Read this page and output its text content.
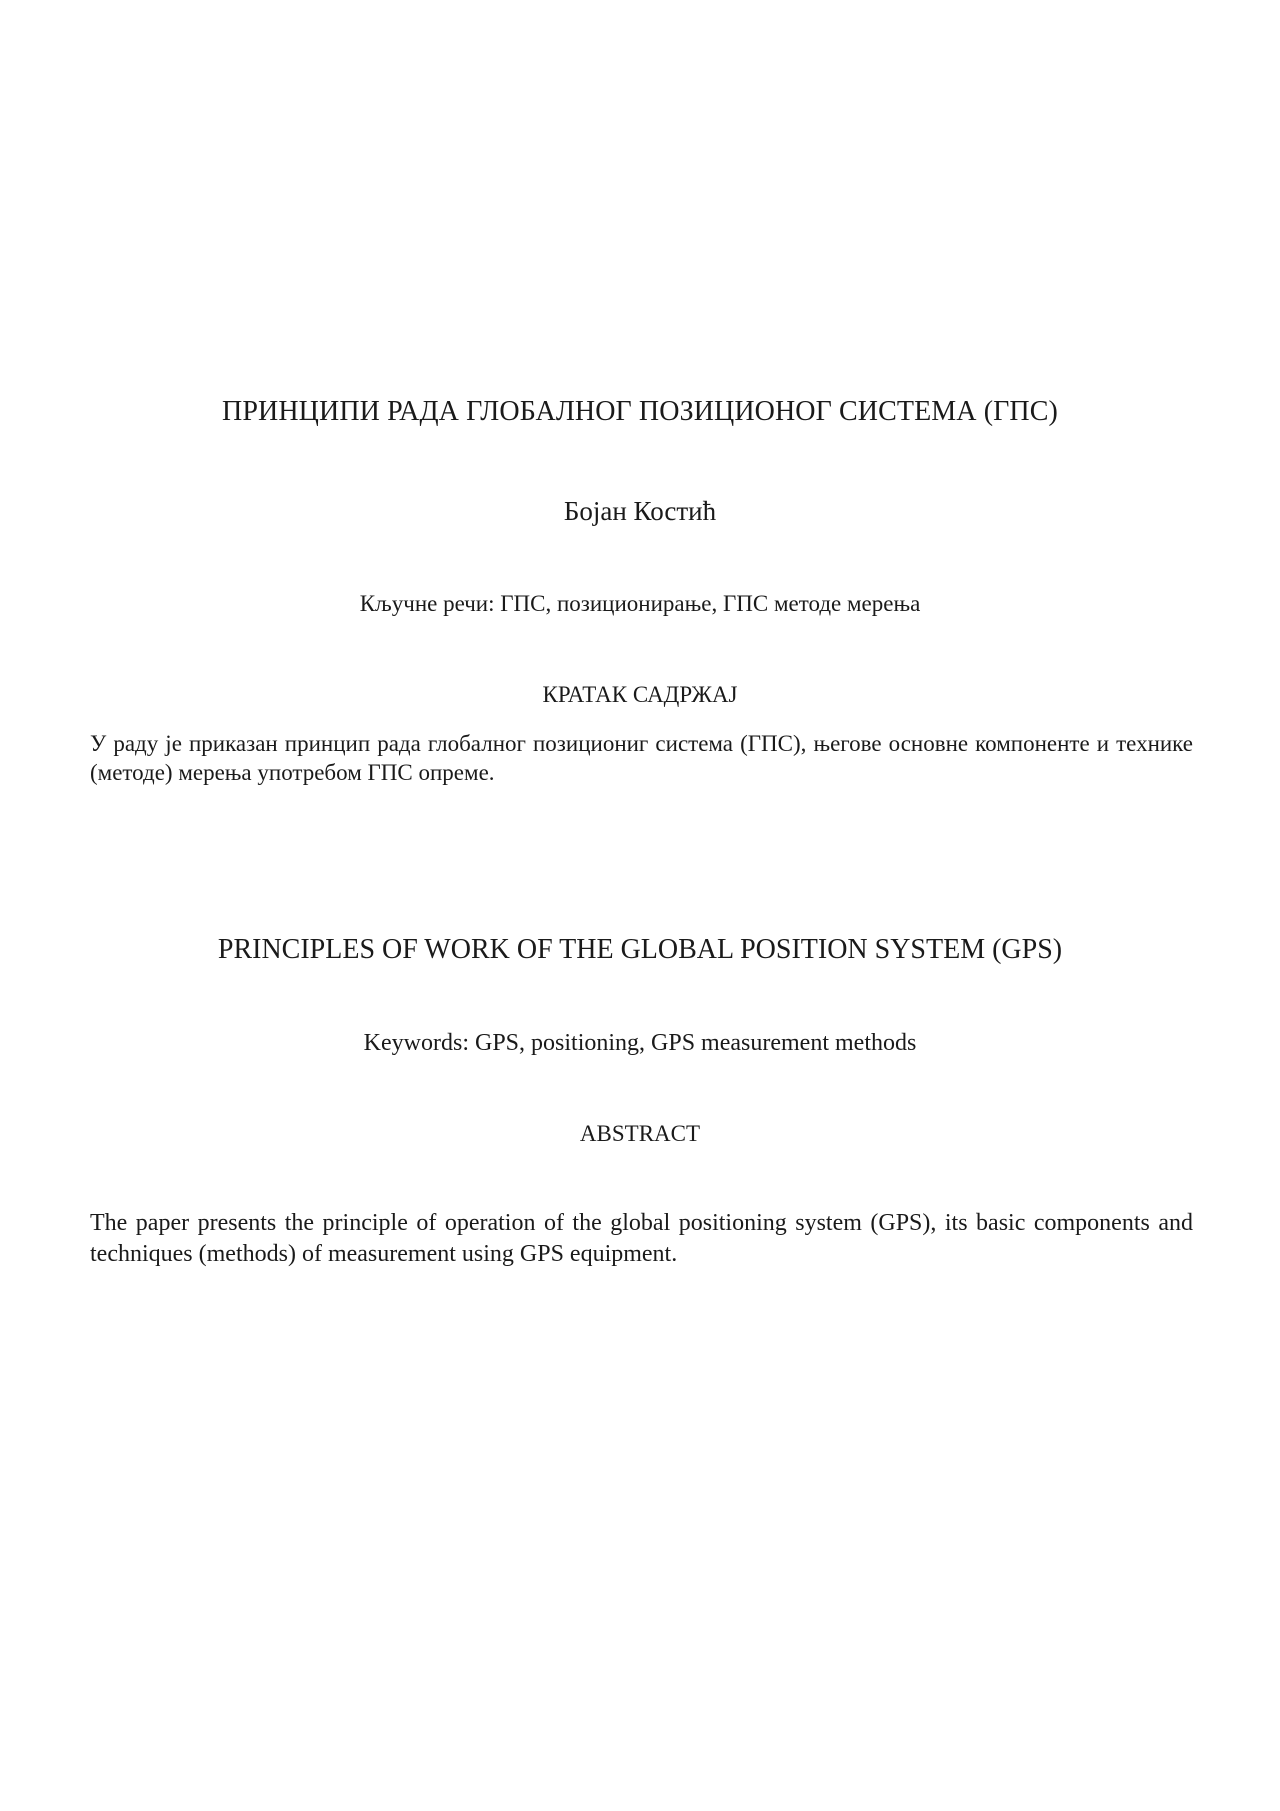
ПРИНЦИПИ РАДА ГЛОБАЛНОГ ПОЗИЦИОНОГ СИСТЕМА (ГПС)

Бојан Костић

Кључне речи: ГПС, позиционирање, ГПС методе мерења

КРАТАК САДРЖАЈ

У раду је приказан принцип рада глобалног позициониг система (ГПС), његове основне компоненте и технике (методе) мерења употребом ГПС опреме.

PRINCIPLES OF WORK OF THE GLOBAL POSITION SYSTEM (GPS)

Keywords: GPS, positioning, GPS measurement methods

ABSTRACT

The paper presents the principle of operation of the global positioning system (GPS), its basic components and techniques (methods) of measurement using GPS equipment.
